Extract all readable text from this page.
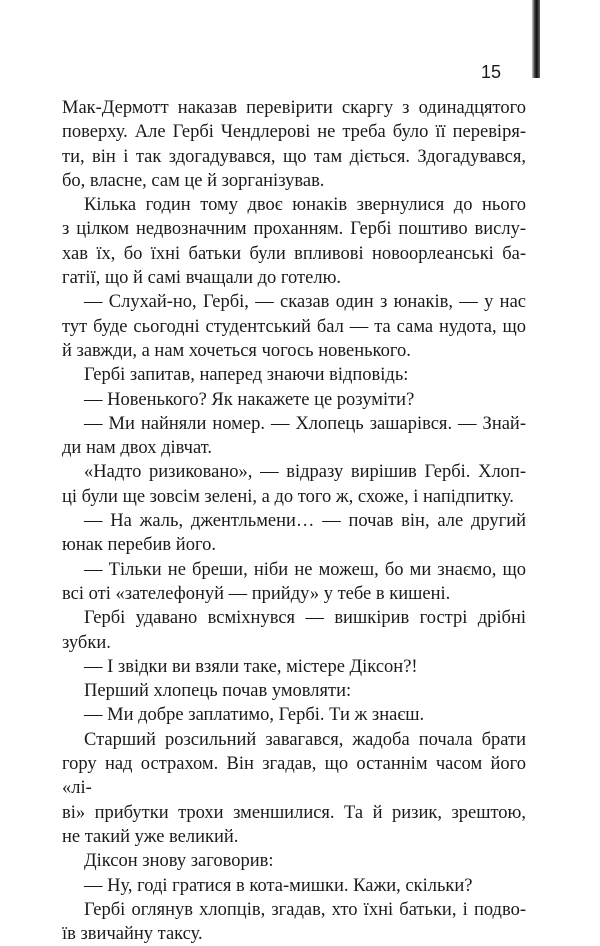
15

Мак-Дермотт наказав перевірити скаргу з одинадцятого
поверху. Але Гербі Чендлерові не треба було її перевіря-
ти, він і так здогадувався, що там діється. Здогадувався,
бо, власне, сам це й зорганізував.

Кілька годин тому двоє юнаків звернулися до нього
з цілком недвозначним проханням. Гербі поштиво вислу-
хав їх, бо їхні батьки були впливові новоорлеанські ба-
гатії, що й самі вчащали до готелю.

— Слухай-но, Гербі, — сказав один з юнаків, — у нас
тут буде сьогодні студентський бал — та сама нудота, що
й завжди, а нам хочеться чогось новенького.

Гербі запитав, наперед знаючи відповідь:

— Новенького? Як накажете це розуміти?

— Ми найняли номер. — Хлопець зашарівся. — Знай-
ди нам двох дівчат.

«Надто ризиковано», — відразу вирішив Гербі. Хлоп-
ці були ще зовсім зелені, а до того ж, схоже, і напідпитку.

— На жаль, джентльмени… — почав він, але другий
юнак перебив його.

— Тільки не бреши, ніби не можеш, бо ми знаємо, що
всі оті «зателефонуй — прийду» у тебе в кишені.

Гербі удавано всміхнувся — вишкірив гострі дрібні зубки.

— І звідки ви взяли таке, містере Діксон?!

Перший хлопець почав умовляти:

— Ми добре заплатимо, Гербі. Ти ж знаєш.

Старший розсильний завагався, жадоба почала брати
гору над острахом. Він згадав, що останнім часом його «лі-
ві» прибутки трохи зменшилися. Та й ризик, зрештою,
не такий уже великий.

Діксон знову заговорив:

— Ну, годі гратися в кота-мишки. Кажи, скільки?

Гербі оглянув хлопців, згадав, хто їхні батьки, і подво-
їв звичайну таксу.
